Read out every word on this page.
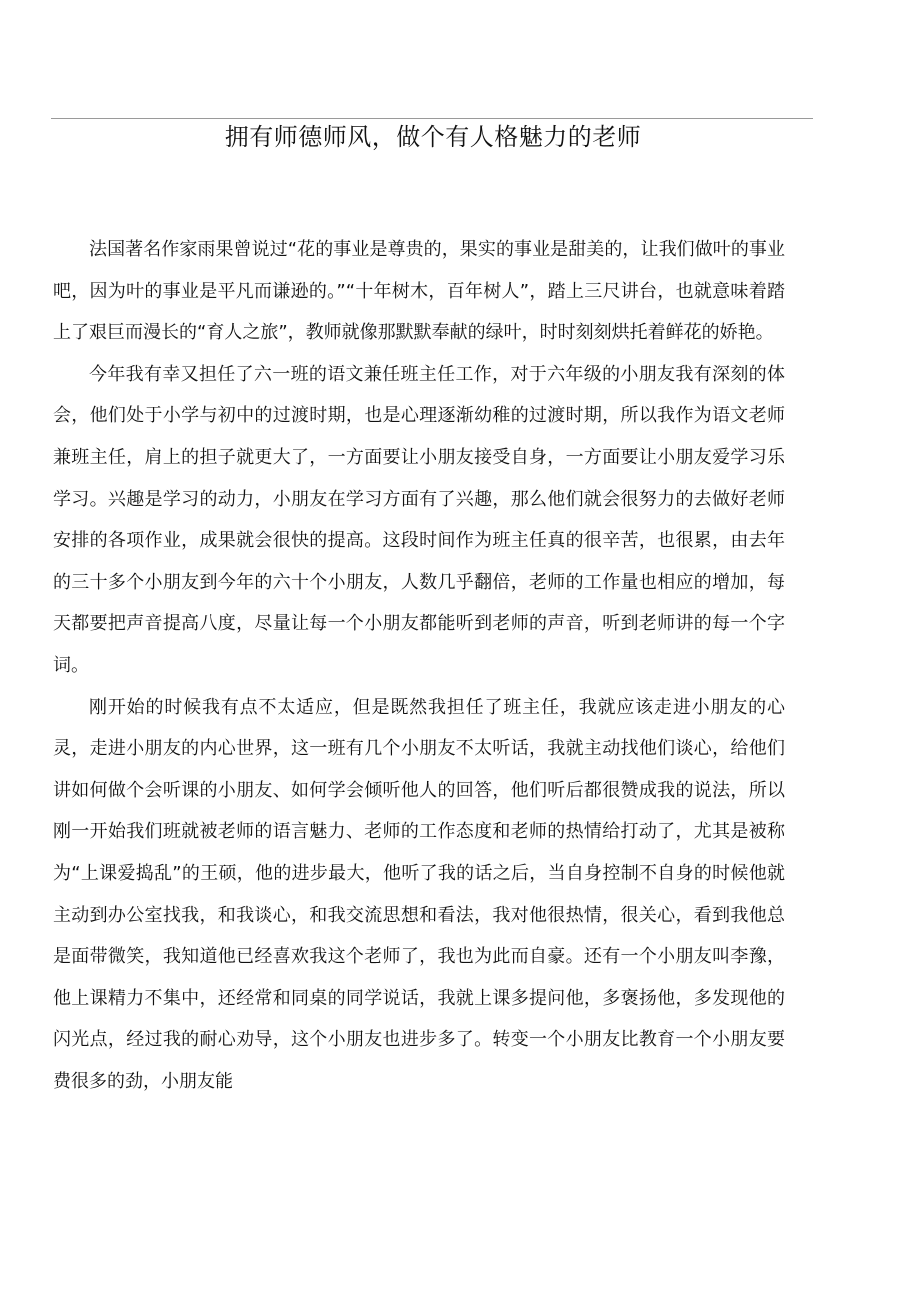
拥有师德师风，做个有人格魅力的老师

法国著名作家雨果曾说过“花的事业是尊贵的，果实的事业是甜美的，让我们做叶的事业吧，因为叶的事业是平凡而谦逊的。”“十年树木，百年树人”，踏上三尺讲台，也就意味着踏上了艰巨而漫长的“育人之旅”，教师就像那默默奉献的绿叶，时时刻刻烘托着鲜花的娇艳。

今年我有幸又担任了六一班的语文兼任班主任工作，对于六年级的小朋友我有深刻的体会，他们处于小学与初中的过渡时期，也是心理逐渐幼稚的过渡时期，所以我作为语文老师兼班主任，肩上的担子就更大了，一方面要让小朋友接受自身，一方面要让小朋友爱学习乐学习。兴趣是学习的动力，小朋友在学习方面有了兴趣，那么他们就会很努力的去做好老师安排的各项作业，成果就会很快的提高。这段时间作为班主任真的很辛苦，也很累，由去年的三十多个小朋友到今年的六十个小朋友，人数几乎翻倍，老师的工作量也相应的增加，每天都要把声音提高八度，尽量让每一个小朋友都能听到老师的声音，听到老师讲的每一个字词。

刚开始的时候我有点不太适应，但是既然我担任了班主任，我就应该走进小朋友的心灵，走进小朋友的内心世界，这一班有几个小朋友不太听话，我就主动找他们谈心，给他们讲如何做个会听课的小朋友、如何学会倾听他人的回答，他们听后都很赞成我的说法，所以刚一开始我们班就被老师的语言魅力、老师的工作态度和老师的热情给打动了，尤其是被称为“上课爱捣乱”的王硕，他的进步最大，他听了我的话之后，当自身控制不自身的时候他就主动到办公室找我，和我谈心，和我交流思想和看法，我对他很热情，很关心，看到我他总是面带微笑，我知道他已经喜欢我这个老师了，我也为此而自豪。还有一个小朋友叫李豫，他上课精力不集中，还经常和同桌的同学说话，我就上课多提问他，多褒扬他，多发现他的闪光点，经过我的耐心劝导，这个小朋友也进步多了。转变一个小朋友比教育一个小朋友要费很多的劲，小朋友能
